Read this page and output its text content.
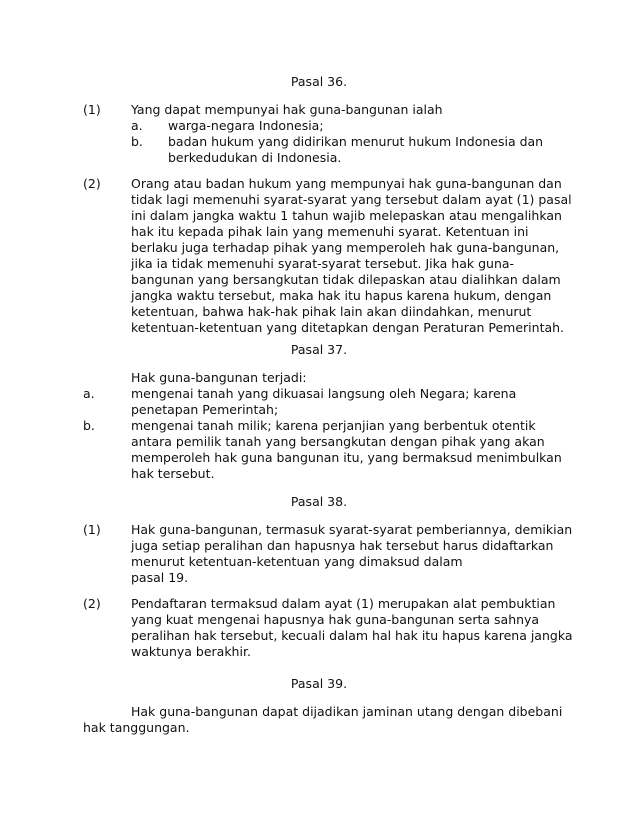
Pasal 36.
(1) Yang dapat mempunyai hak guna-bangunan ialah
a. warga-negara Indonesia;
b. badan hukum yang didirikan menurut hukum Indonesia dan
berkedudukan di Indonesia.
(2) Orang atau badan hukum yang mempunyai hak guna-bangunan dan
tidak lagi memenuhi syarat-syarat yang tersebut dalam ayat (1) pasal
ini dalam jangka waktu 1 tahun wajib melepaskan atau mengalihkan
hak itu kepada pihak lain yang memenuhi syarat. Ketentuan ini
berlaku juga terhadap pihak yang memperoleh hak guna-bangunan,
jika ia tidak memenuhi syarat-syarat tersebut. Jika hak guna-
bangunan yang bersangkutan tidak dilepaskan atau dialihkan dalam
jangka waktu tersebut, maka hak itu hapus karena hukum, dengan
ketentuan, bahwa hak-hak pihak lain akan diindahkan, menurut
ketentuan-ketentuan yang ditetapkan dengan Peraturan Pemerintah.
Pasal 37.
Hak guna-bangunan terjadi:
a.	mengenai tanah yang dikuasai langsung oleh Negara; karena
penetapan Pemerintah;
b.	mengenai tanah milik; karena perjanjian yang berbentuk otentik
antara pemilik tanah yang bersangkutan dengan pihak yang akan
memperoleh hak guna bangunan itu, yang bermaksud menimbulkan
hak tersebut.
Pasal 38.
(1) Hak guna-bangunan, termasuk syarat-syarat pemberiannya, demikian
juga setiap peralihan dan hapusnya hak tersebut harus didaftarkan
menurut ketentuan-ketentuan yang dimaksud dalam
pasal 19.
(2) Pendaftaran termaksud dalam ayat (1) merupakan alat pembuktian
yang kuat mengenai hapusnya hak guna-bangunan serta sahnya
peralihan hak tersebut, kecuali dalam hal hak itu hapus karena jangka
waktunya berakhir.
Pasal 39.
Hak guna-bangunan dapat dijadikan jaminan utang dengan dibebani
hak tanggungan.
